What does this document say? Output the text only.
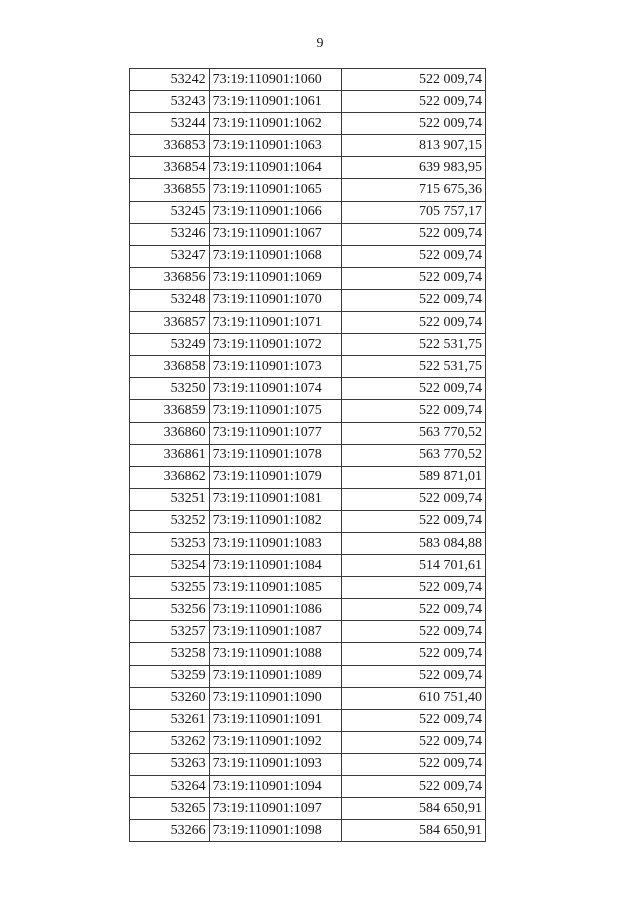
9
53242	73:19:110901:1060	522 009,74
53243	73:19:110901:1061	522 009,74
53244	73:19:110901:1062	522 009,74
336853	73:19:110901:1063	813 907,15
336854	73:19:110901:1064	639 983,95
336855	73:19:110901:1065	715 675,36
53245	73:19:110901:1066	705 757,17
53246	73:19:110901:1067	522 009,74
53247	73:19:110901:1068	522 009,74
336856	73:19:110901:1069	522 009,74
53248	73:19:110901:1070	522 009,74
336857	73:19:110901:1071	522 009,74
53249	73:19:110901:1072	522 531,75
336858	73:19:110901:1073	522 531,75
53250	73:19:110901:1074	522 009,74
336859	73:19:110901:1075	522 009,74
336860	73:19:110901:1077	563 770,52
336861	73:19:110901:1078	563 770,52
336862	73:19:110901:1079	589 871,01
53251	73:19:110901:1081	522 009,74
53252	73:19:110901:1082	522 009,74
53253	73:19:110901:1083	583 084,88
53254	73:19:110901:1084	514 701,61
53255	73:19:110901:1085	522 009,74
53256	73:19:110901:1086	522 009,74
53257	73:19:110901:1087	522 009,74
53258	73:19:110901:1088	522 009,74
53259	73:19:110901:1089	522 009,74
53260	73:19:110901:1090	610 751,40
53261	73:19:110901:1091	522 009,74
53262	73:19:110901:1092	522 009,74
53263	73:19:110901:1093	522 009,74
53264	73:19:110901:1094	522 009,74
53265	73:19:110901:1097	584 650,91
53266	73:19:110901:1098	584 650,91
